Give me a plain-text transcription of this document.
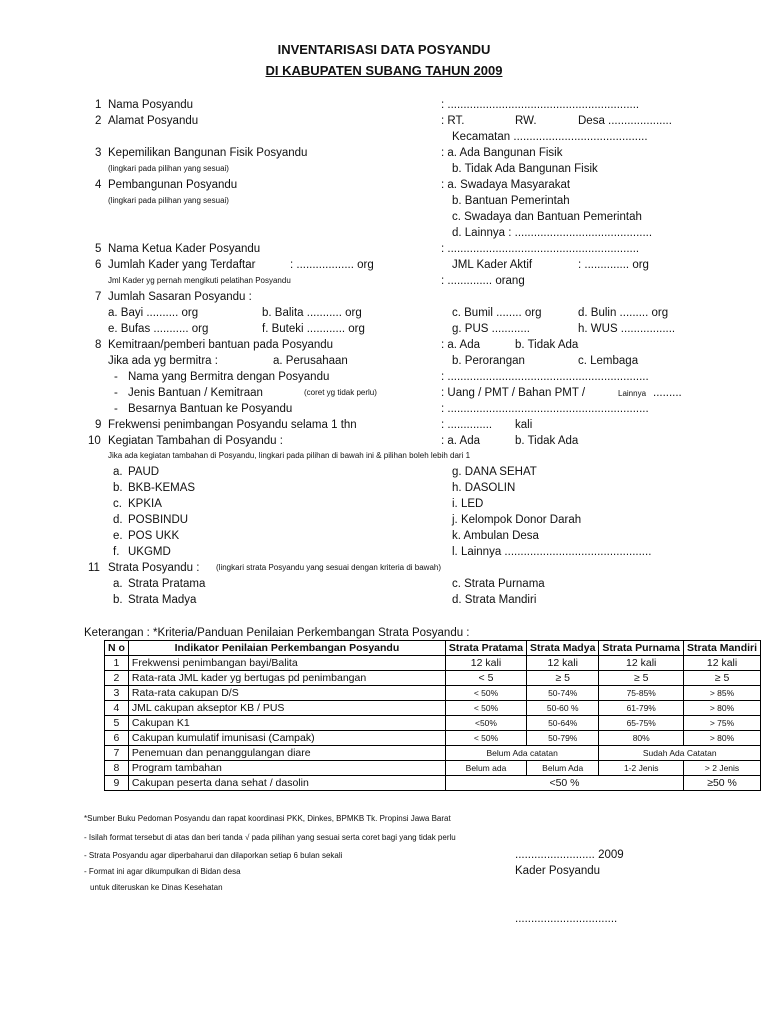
INVENTARISASI DATA POSYANDU
DI KABUPATEN SUBANG TAHUN 2009
1 Nama Posyandu	: ............................................................
2 Alamat Posyandu	: RT.	RW.	Desa ....................
Kecamatan ..........................................
3 Kepemilikan Bangunan Fisik Posyandu	: a. Ada Bangunan Fisik
b. Tidak Ada Bangunan Fisik
4 Pembangunan Posyandu	: a. Swadaya Masyarakat
b. Bantuan Pemerintah
c. Swadaya dan Bantuan Pemerintah
d. Lainnya : ...........................................
5 Nama Ketua Kader Posyandu	: ............................................................
6 Jumlah Kader yang Terdaftar	: .................. org	JML Kader Aktif	: .............. org
: .............. orang
7 Jumlah Sasaran Posyandu :
a. Bayi .......... org	b. Balita ........... org	c. Bumil ........ org	d. Bulin ......... org
e. Bufas ........... org	f. Buteki ............ org	g. PUS ............	h. WUS .................
8 Kemitraan/pemberi bantuan pada Posyandu	: a. Ada	b. Tidak Ada
Jika ada yg bermitra :	a. Perusahaan	b. Perorangan	c. Lembaga
- Nama yang Bermitra dengan Posyandu	: ...............................................................
- Jenis Bantuan / Kemitraan	: Uang / PMT / Bahan PMT /	.........
- Besarnya Bantuan ke Posyandu	: ...............................................................
9 Frekwensi penimbangan Posyandu selama 1 thn	: .............. kali
10 Kegiatan Tambahan di Posyandu :	: a. Ada	b. Tidak Ada
a. PAUD	g. DANA SEHAT
b. BKB-KEMAS	h. DASOLIN
c. KPKIA	i. LED
d. POSBINDU	j. Kelompok Donor Darah
e. POS UKK	k. Ambulan Desa
f. UKGMD	l. Lainnya ..............................................
11 Strata Posyandu :
a. Strata Pratama	c. Strata Purnama
b. Strata Madya	d. Strata Mandiri
Keterangan : *Kriteria/Panduan Penilaian Perkembangan Strata Posyandu :
......................... 2009
Kader Posyandu
................................
(lingkari pada pilihan yang sesuai)
(lingkari pada pilihan yang sesuai)
Jml Kader yg pernah mengikuti pelatihan Posyandu
(coret yg tidak perlu)	Lainnya
Jika ada kegiatan tambahan di Posyandu, lingkari pada pilihan di bawah ini & pilihan boleh lebih dari 1
(lingkari strata Posyandu yang sesuai dengan kriteria di bawah)
*Sumber Buku Pedoman Posyandu dan rapat koordinasi PKK, Dinkes, BPMKB Tk. Propinsi Jawa Barat
- Isilah format tersebut di atas dan beri tanda √ pada pilihan yang sesuai serta coret bagi yang tidak perlu
- Strata Posyandu agar diperbaharui dan dilaporkan setiap 6 bulan sekali
- Format ini agar dikumpulkan di Bidan desa
untuk diteruskan ke Dinas Kesehatan
N o	Indikator Penilaian Perkembangan Posyandu	Strata Pratama	Strata Madya	Strata Purnama	Strata Mandiri
1	Frekwensi penimbangan bayi/Balita	12 kali	12 kali	12 kali	12 kali
2	Rata-rata JML kader yg bertugas pd penimbangan	< 5	≥ 5	≥ 5	≥ 5
3	Rata-rata cakupan D/S	< 50%	50-74%	75-85%	> 85%
4	JML cakupan akseptor KB / PUS	< 50%	50-60 %	61-79%	> 80%
5	Cakupan K1	<50%	50-64%	65-75%	> 75%
6	Cakupan kumulatif imunisasi (Campak)	< 50%	50-79%	80%	> 80%
7	Penemuan dan penanggulangan diare	Belum Ada catatan		Sudah Ada Catatan	
8	Program tambahan	Belum ada	Belum Ada	1-2 Jenis	> 2 Jenis
9	Cakupan peserta dana sehat / dasolin	<50 %			≥50 %
